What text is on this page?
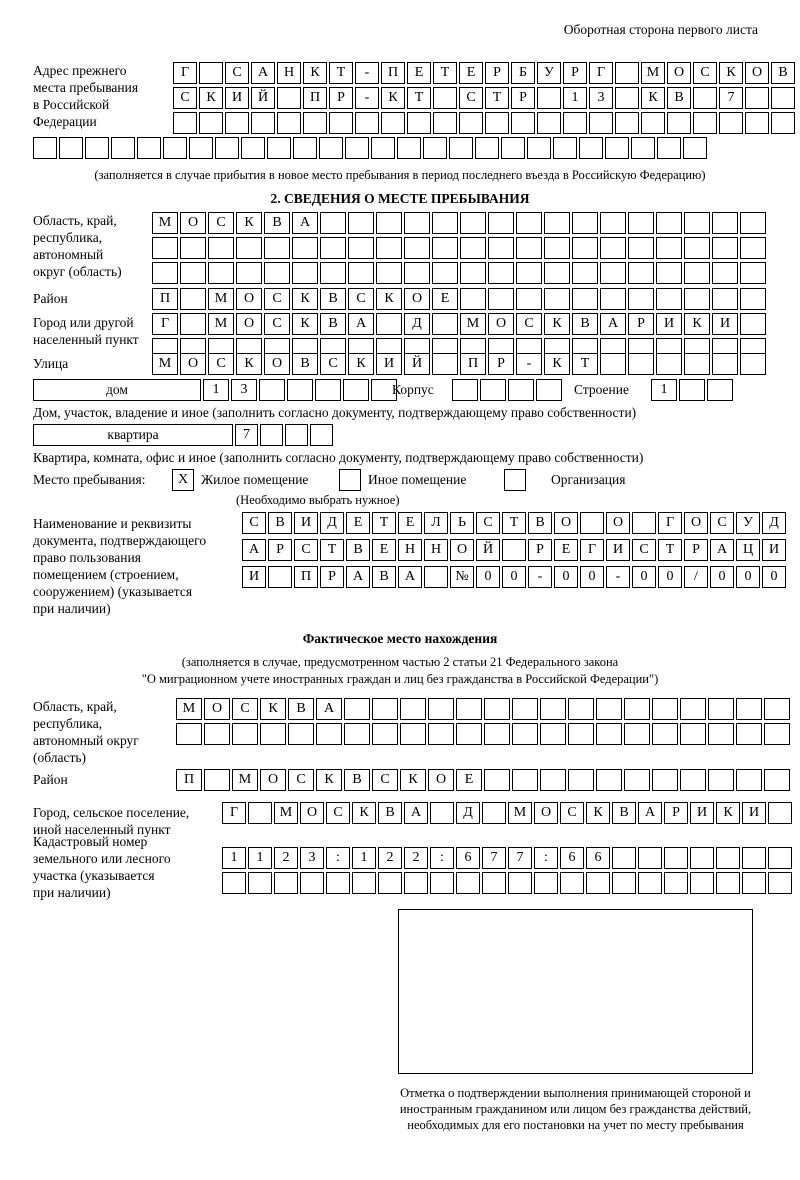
Оборотная сторона первого листа
Адрес прежнего
места пребывания
в Российской
Федерации
Г	С	А	Н	К	Т	-	П	Е	Т	Е	Р	Б	У	Р	Г	М	О	С	К	О	В
С	К	И	Й	П	Р	-	К	Т	С	Т	Р	1	3	К	В	7
(заполняется в случае прибытия в новое место пребывания в период последнего въезда в Российскую Федерацию)
2. СВЕДЕНИЯ О МЕСТЕ ПРЕБЫВАНИЯ
Область, край,
республика,
автономный
округ (область)
М	О	С	К	В	А
Район	П	М	О	С	К	В	С	К	О	Е
Город или другой
населенный пункт
Г	М	О	С	К	В	А	Д	М	О	С	К	В	А	Р	И	К	И
Улица	М	О	С	К	О	В	С	К	И	Й	П	Р	-	К	Т
дом	1	3	Корпус	Строение	1
Дом, участок, владение и иное (заполнить согласно документу, подтверждающему право собственности)
квартира	7
Квартира, комната, офис и иное (заполнить согласно документу, подтверждающему право собственности)
Место пребывания:	X Жилое помещение	Иное помещение	Организация
(Необходимо выбрать нужное)
Наименование и реквизиты
документа, подтверждающего
право пользования
помещением (строением,
сооружением) (указывается
при наличии)
С	В	И	Д	Е	Т	Е	Л	Ь	С	Т	В	О	О	Г	О	С	У	Д
А	Р	С	Т	В	Е	Н	Н	О	Й	Р	Е	Г	И	С	Т	Р	А	Ц	И
И	П	Р	А	В	А	№	0	0	-	0	0	-	0	0	/	0	0	0
Фактическое место нахождения
(заполняется в случае, предусмотренном частью 2 статьи 21 Федерального закона
"О миграционном учете иностранных граждан и лиц без гражданства в Российской Федерации")
Область, край,
республика,
автономный округ
(область)
М	О	С	К	В	А
Район	П	М	О	С	К	В	С	К	О	Е
Город, сельское поселение,
иной населенный пункт
Г	М	О	С	К	В	А	Д	М	О	С	К	В	А	Р	И	К	И
Кадастровый номер
земельного или лесного
участка (указывается
при наличии)
1	1	2	3	:	1	2	2	:	6	7	7	:	6	6
Отметка о подтверждении выполнения принимающей стороной и иностранным гражданином или лицом без гражданства действий, необходимых для его постановки на учет по месту пребывания
